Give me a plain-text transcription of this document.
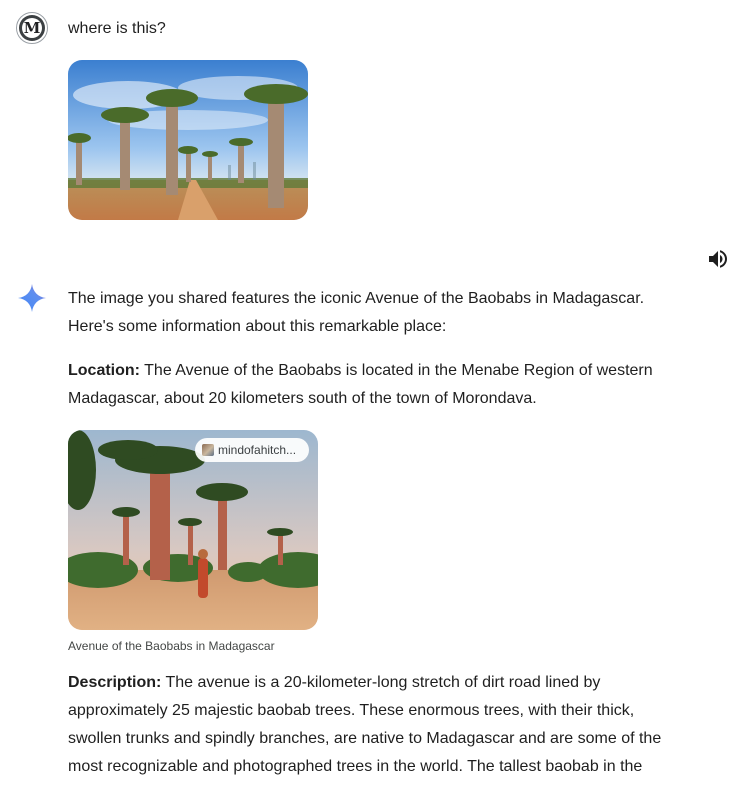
M where is this?
The image you shared features the iconic Avenue of the Baobabs in Madagascar. Here's some information about this remarkable place:
Location: The Avenue of the Baobabs is located in the Menabe Region of western Madagascar, about 20 kilometers south of the town of Morondava.
mindofahitch...
Avenue of the Baobabs in Madagascar
Description: The avenue is a 20-kilometer-long stretch of dirt road lined by approximately 25 majestic baobab trees. These enormous trees, with their thick, swollen trunks and spindly branches, are native to Madagascar and are some of the most recognizable and photographed trees in the world. The tallest baobab in the
